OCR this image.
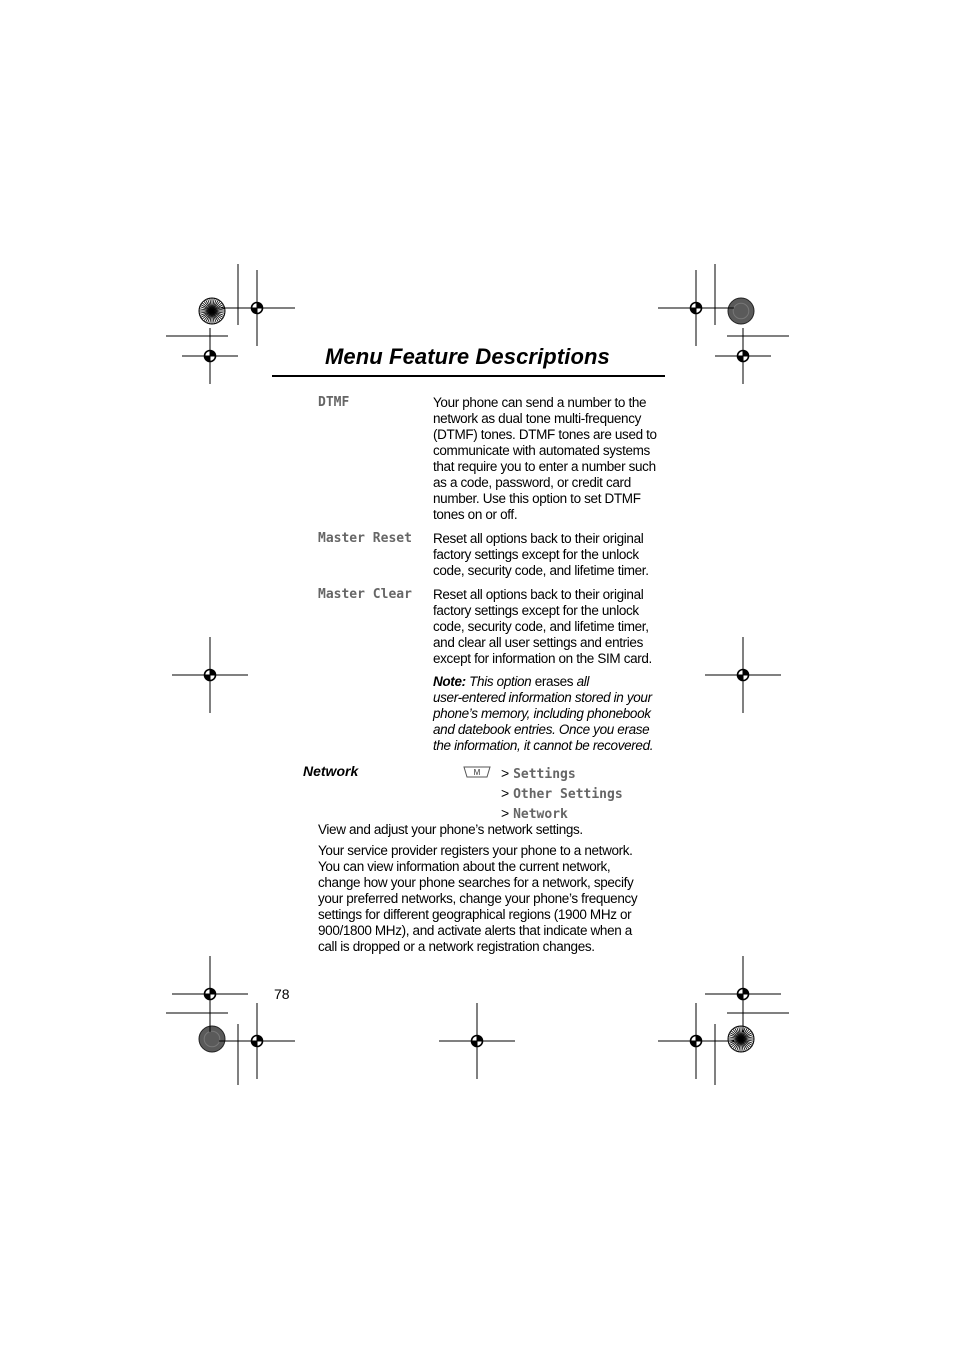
Menu Feature Descriptions
DTMF	Your phone can send a number to the
network as dual tone multi-frequency
(DTMF) tones. DTMF tones are used to
communicate with automated systems
that require you to enter a number such
as a code, password, or credit card
number. Use this option to set DTMF
tones on or off.
Master Reset Reset all options back to their original
factory settings except for the unlock
code, security code, and lifetime timer.
Master Clear Reset all options back to their original
factory settings except for the unlock
code, security code, and lifetime timer,
and clear all user settings and entries
except for information on the SIM card.
Note: This option erases all
user-entered information stored in your
phone’s memory, including phonebook
and datebook entries. Once you erase
the information, it cannot be recovered.
Network	M > Settings
> Other Settings
> Network
View and adjust your phone’s network settings.
Your service provider registers your phone to a network.
You can view information about the current network,
change how your phone searches for a network, specify
your preferred networks, change your phone’s frequency
settings for different geographical regions (1900 MHz or
900/1800 MHz), and activate alerts that indicate when a
call is dropped or a network registration changes.
78
